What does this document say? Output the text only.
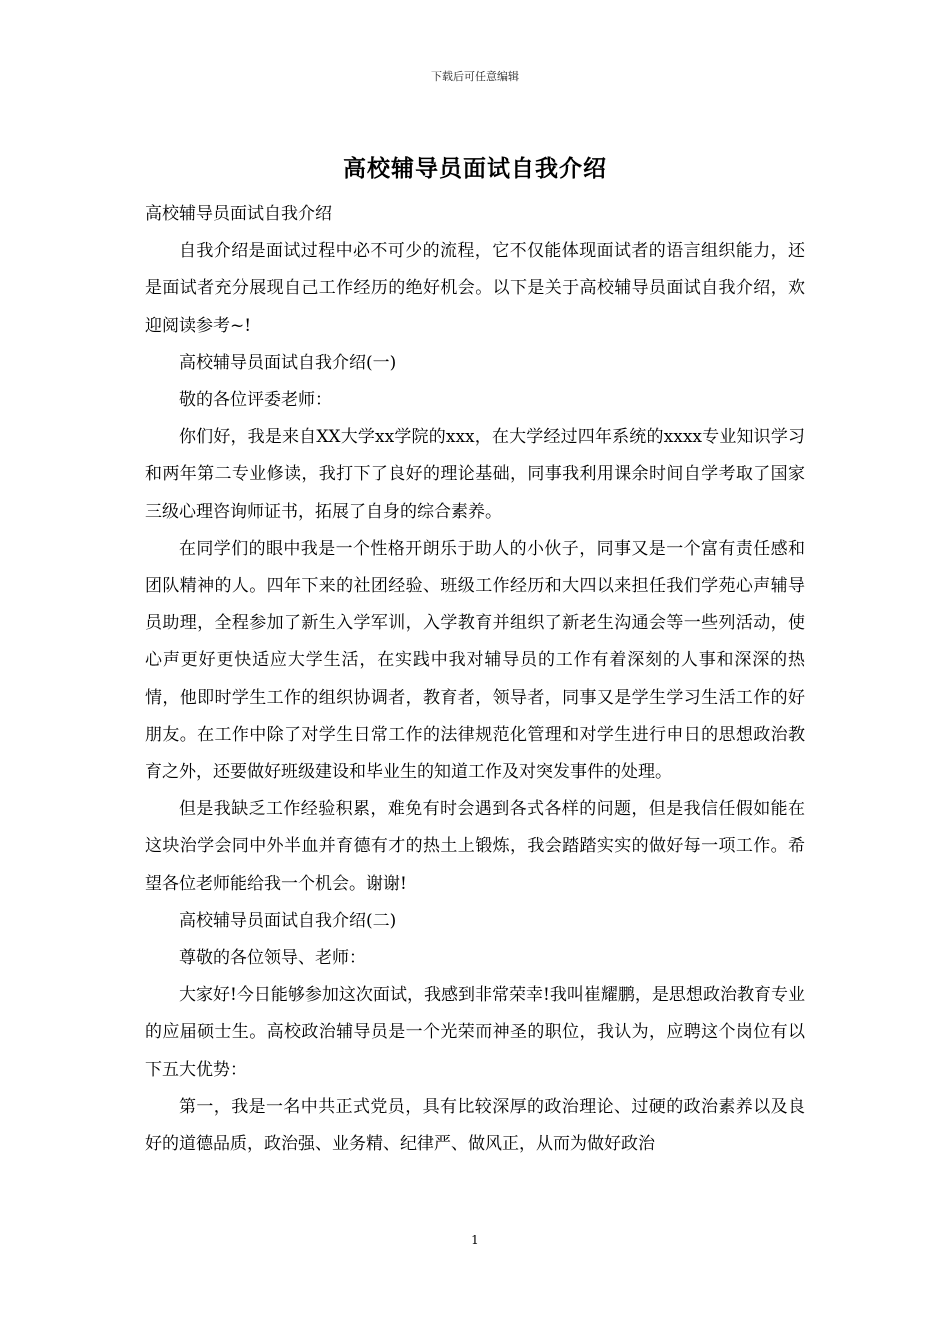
下载后可任意编辑
高校辅导员面试自我介绍

高校辅导员面试自我介绍

自我介绍是面试过程中必不可少的流程，它不仅能体现面试者的语言组织能力，还是面试者充分展现自己工作经历的绝好机会。以下是关于高校辅导员面试自我介绍，欢迎阅读参考~!

高校辅导员面试自我介绍(一)

敬的各位评委老师：

你们好，我是来自XX大学xx学院的xxx，在大学经过四年系统的xxxx专业知识学习和两年第二专业修读，我打下了良好的理论基础，同事我利用课余时间自学考取了国家三级心理咨询师证书，拓展了自身的综合素养。

在同学们的眼中我是一个性格开朗乐于助人的小伙子，同事又是一个富有责任感和团队精神的人。四年下来的社团经验、班级工作经历和大四以来担任我们学苑心声辅导员助理，全程参加了新生入学军训，入学教育并组织了新老生沟通会等一些列活动，使心声更好更快适应大学生活，在实践中我对辅导员的工作有着深刻的人事和深深的热情，他即时学生工作的组织协调者，教育者，领导者，同事又是学生学习生活工作的好朋友。在工作中除了对学生日常工作的法律规范化管理和对学生进行申日的思想政治教育之外，还要做好班级建设和毕业生的知道工作及对突发事件的处理。

但是我缺乏工作经验积累，难免有时会遇到各式各样的问题，但是我信任假如能在这块治学会同中外半血并育德有才的热土上锻炼，我会踏踏实实的做好每一项工作。希望各位老师能给我一个机会。谢谢!

高校辅导员面试自我介绍(二)

尊敬的各位领导、老师：

大家好!今日能够参加这次面试，我感到非常荣幸!我叫崔耀鹏，是思想政治教育专业的应届硕士生。高校政治辅导员是一个光荣而神圣的职位，我认为，应聘这个岗位有以下五大优势：

第一，我是一名中共正式党员，具有比较深厚的政治理论、过硬的政治素养以及良好的道德品质，政治强、业务精、纪律严、做风正，从而为做好政治

1
